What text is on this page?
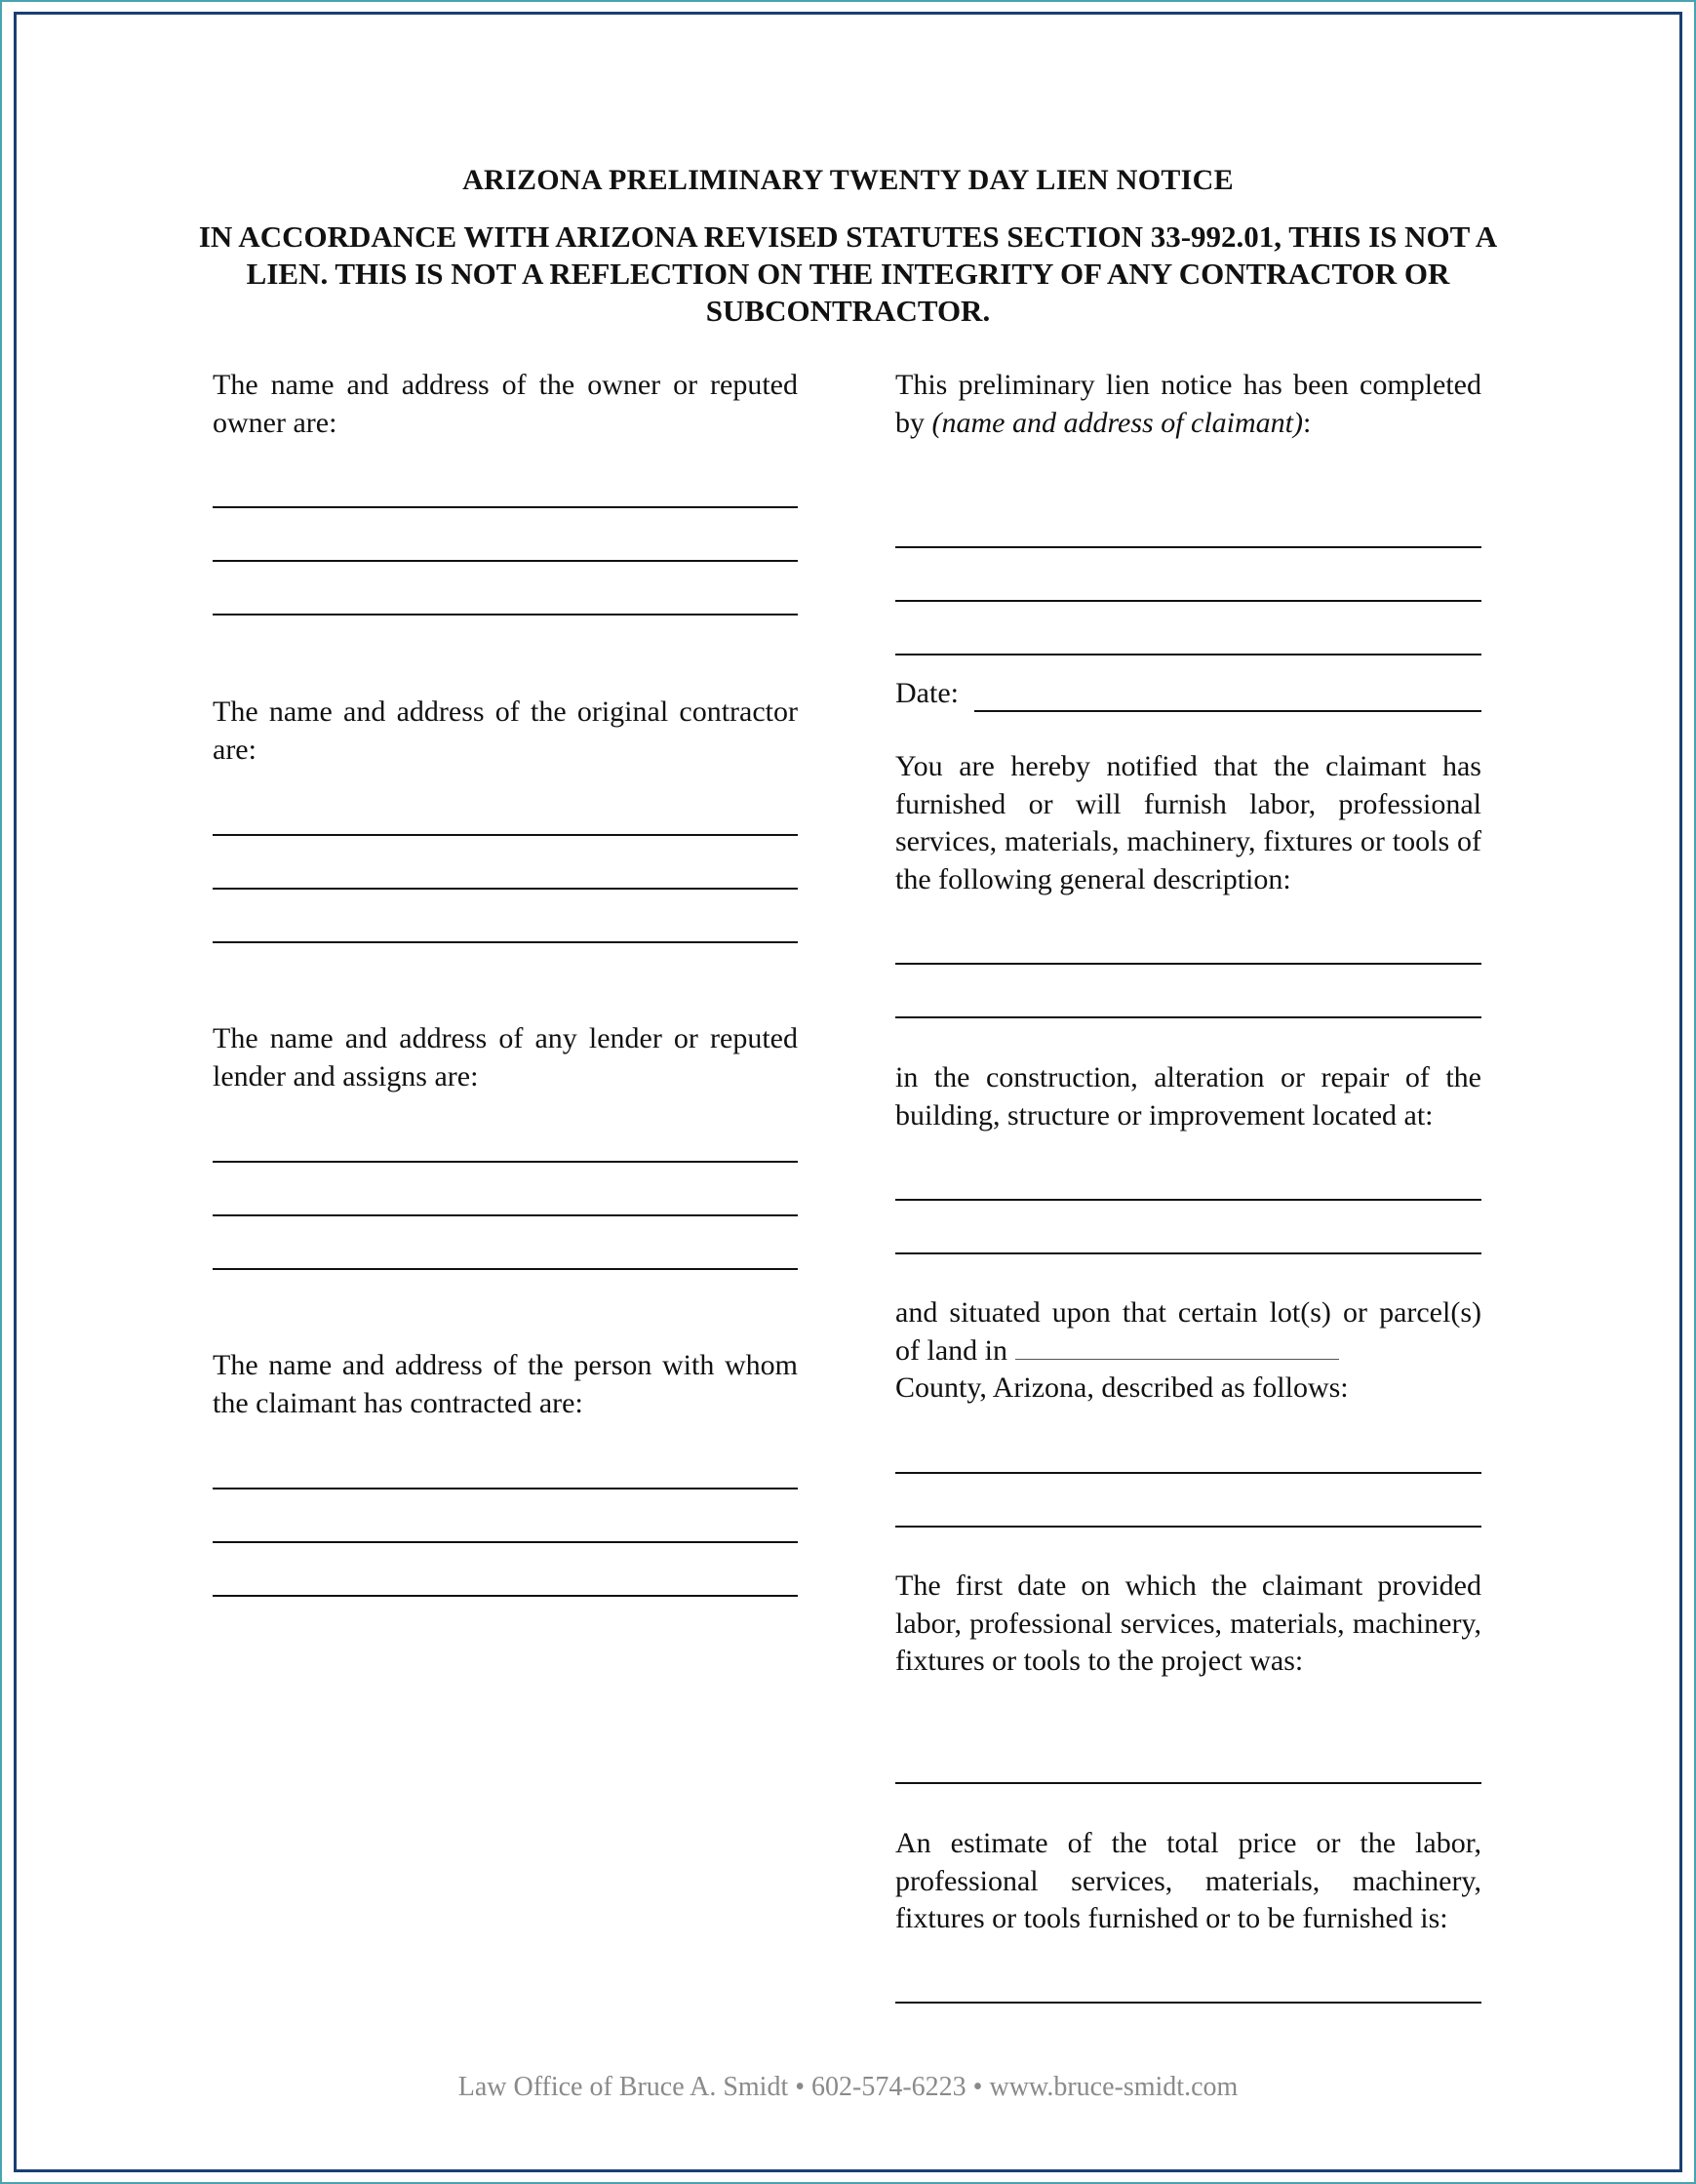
ARIZONA PRELIMINARY TWENTY DAY LIEN NOTICE
IN ACCORDANCE WITH ARIZONA REVISED STATUTES SECTION 33-992.01, THIS IS NOT A LIEN. THIS IS NOT A REFLECTION ON THE INTEGRITY OF ANY CONTRACTOR OR SUBCONTRACTOR.
The name and address of the owner or reputed owner are:
The name and address of the original contractor are:
The name and address of any lender or reputed lender and assigns are:
The name and address of the person with whom the claimant has contracted are:
This preliminary lien notice has been completed by (name and address of claimant):
Date:
You are hereby notified that the claimant has furnished or will furnish labor, professional services, materials, machinery, fixtures or tools of the following general description:
in the construction, alteration or repair of the building, structure or improvement located at:
and situated upon that certain lot(s) or parcel(s) of land in
County, Arizona, described as follows:
The first date on which the claimant provided labor, professional services, materials, machinery, fixtures or tools to the project was:
An estimate of the total price or the labor, professional services, materials, machinery, fixtures or tools furnished or to be furnished is:
Law Office of Bruce A. Smidt • 602-574-6223 • www.bruce-smidt.com
